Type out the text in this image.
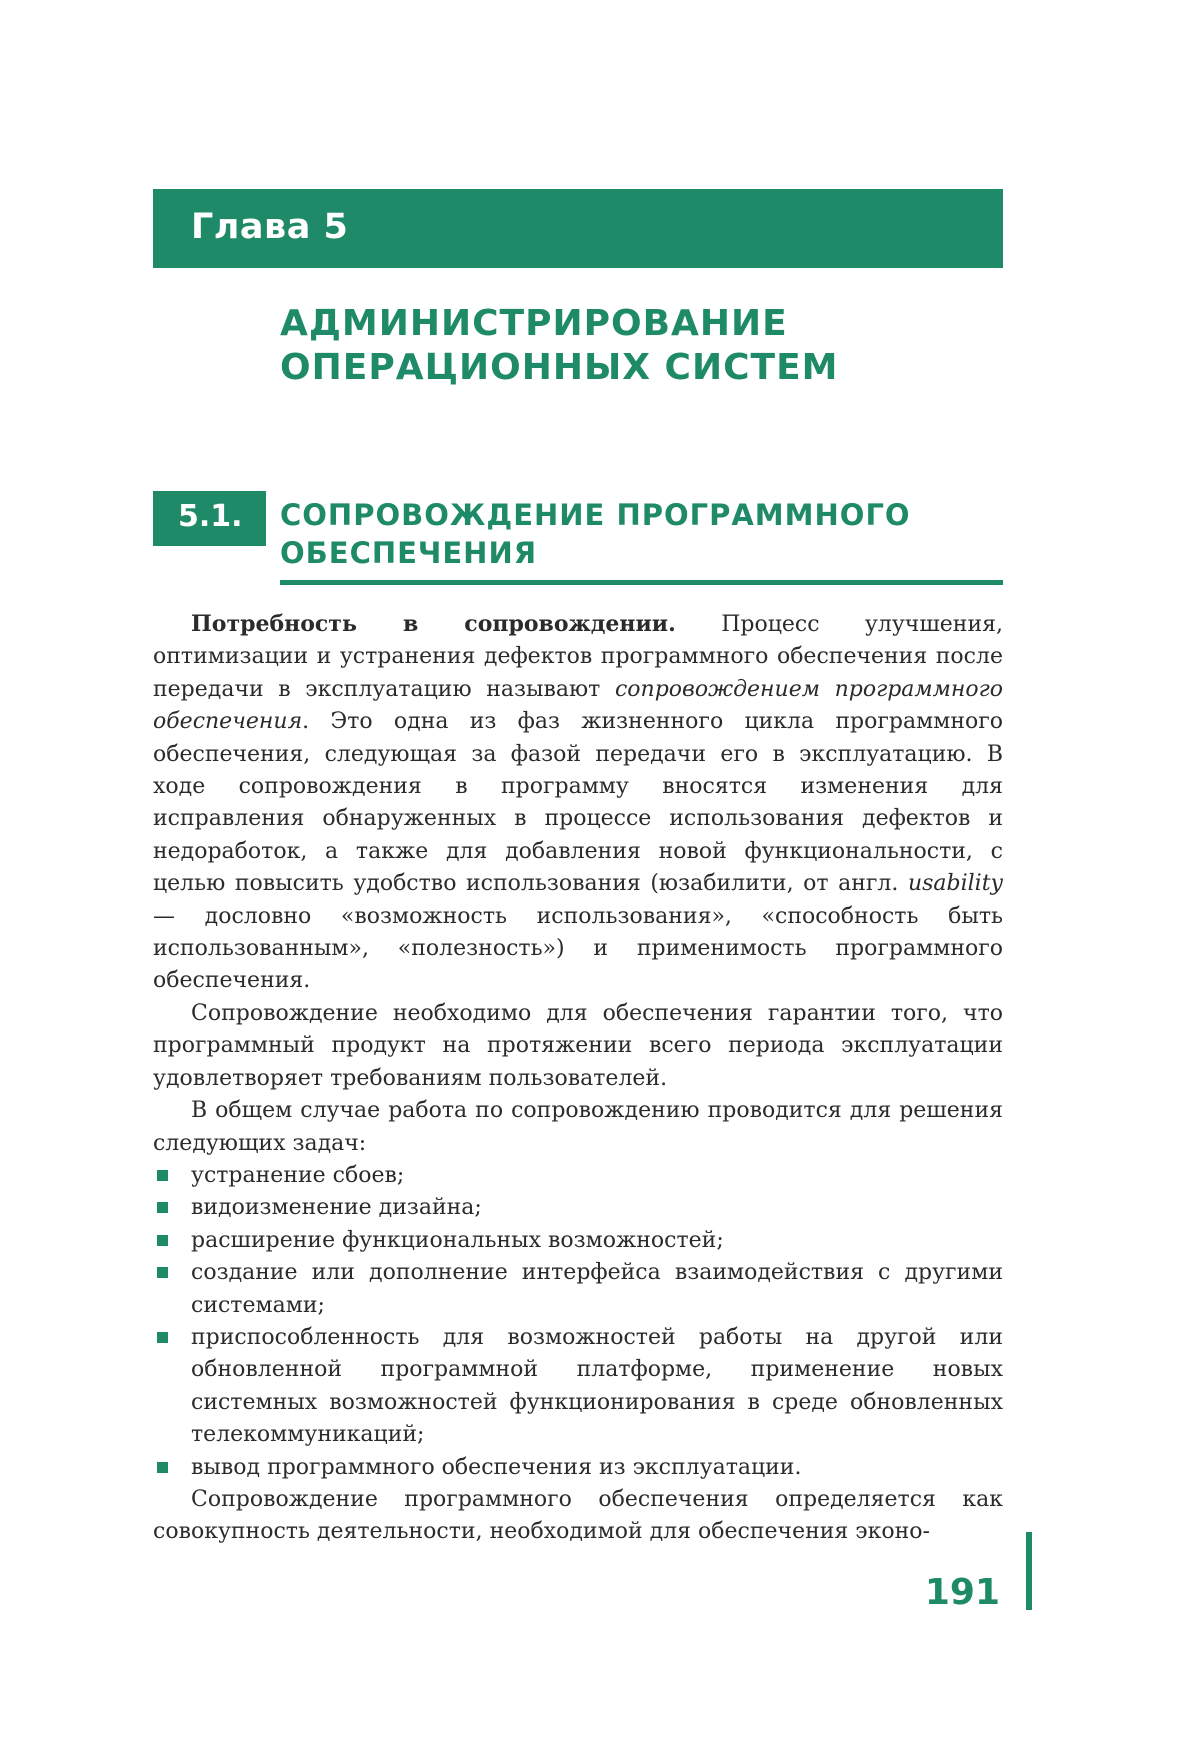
Глава 5
АДМИНИСТРИРОВАНИЕ
ОПЕРАЦИОННЫХ СИСТЕМ
5.1. СОПРОВОЖДЕНИЕ ПРОГРАММНОГО
ОБЕСПЕЧЕНИЯ

Потребность в сопровождении. Процесс улучшения, оптимизации и устранения дефектов программного обеспечения после передачи в эксплуатацию называют сопровождением программного обеспечения. Это одна из фаз жизненного цикла программного обеспечения, следующая за фазой передачи его в эксплуатацию. В ходе сопровождения в программу вносятся изменения для исправления обнаруженных в процессе использования дефектов и недоработок, а также для добавления новой функциональности, с целью повысить удобство использования (юзабилити, от англ. usability — дословно «возможность использования», «способность быть использованным», «полезность») и применимость программного обеспечения.

Сопровождение необходимо для обеспечения гарантии того, что программный продукт на протяжении всего периода эксплуатации удовлетворяет требованиям пользователей.

В общем случае работа по сопровождению проводится для решения следующих задач:

устранение сбоев;
видоизменение дизайна;
расширение функциональных возможностей;
создание или дополнение интерфейса взаимодействия с другими системами;
приспособленность для возможностей работы на другой или обновленной программной платформе, применение новых системных возможностей функционирования в среде обновленных телекоммуникаций;
вывод программного обеспечения из эксплуатации.

Сопровождение программного обеспечения определяется как совокупность деятельности, необходимой для обеспечения эконо-

191
